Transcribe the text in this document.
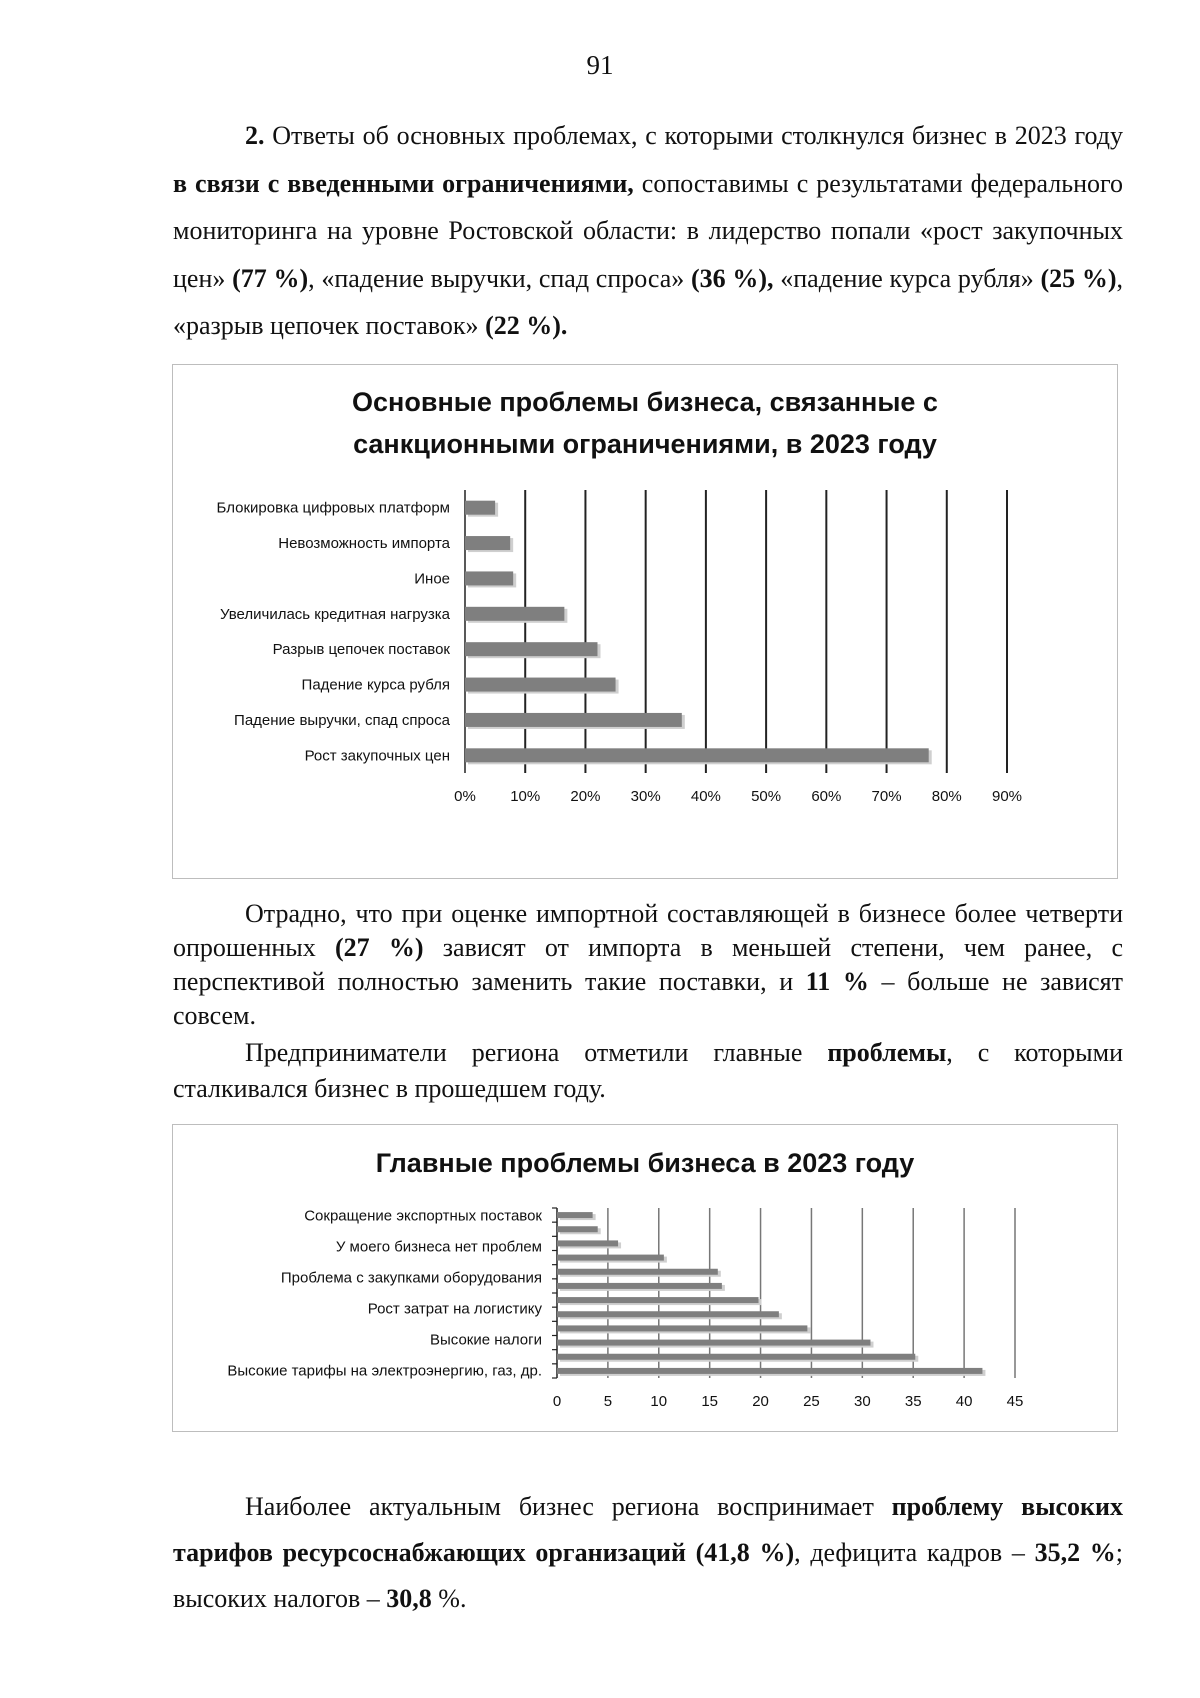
91

2. Ответы об основных проблемах, с которыми столкнулся бизнес в 2023 году в связи с введенными ограничениями, сопоставимы с результатами федерального мониторинга на уровне Ростовской области: в лидерство попали «рост закупочных цен» (77 %), «падение выручки, спад спроса» (36 %), «падение курса рубля» (25 %), «разрыв цепочек поставок» (22 %).

Основные проблемы бизнеса, связанные с
санкционными ограничениями, в 2023 году
0% 10% 20% 30% 40% 50% 60% 70% 80% 90%
Блокировка цифровых платформ
Невозможность импорта
Иное
Увеличилась кредитная нагрузка
Разрыв цепочек поставок
Падение курса рубля
Падение выручки, спад спроса
Рост закупочных цен

Отрадно, что при оценке импортной составляющей в бизнесе более четверти опрошенных (27 %) зависят от импорта в меньшей степени, чем ранее, с перспективой полностью заменить такие поставки, и 11 % – больше не зависят совсем.

Предприниматели региона отметили главные проблемы, с которыми сталкивался бизнес в прошедшем году.

Главные проблемы бизнеса в 2023 году
0	5	10 15 20 25 30 35 40 45
Сокращение экспортных поставок
У моего бизнеса нет проблем
Проблема с закупками оборудования
Рост затрат на логистику
Высокие налоги
Высокие тарифы на электроэнергию, газ, др.

Наиболее актуальным бизнес региона воспринимает проблему высоких тарифов ресурсоснабжающих организаций (41,8 %), дефицита кадров – 35,2 %; высоких налогов – 30,8 %.
